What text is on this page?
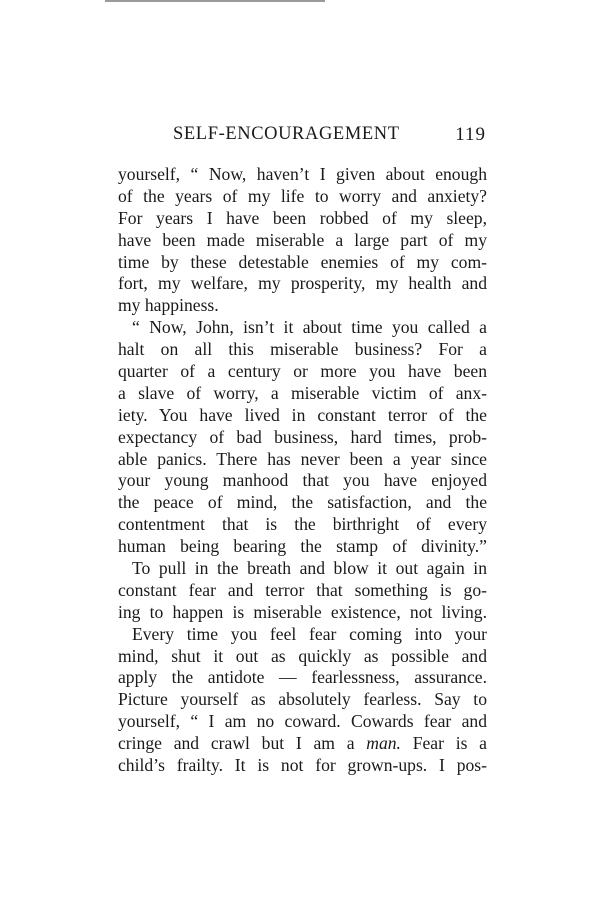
SELF-ENCOURAGEMENT	119
yourself, “ Now, haven’t I given about enough
of the years of my life to worry and anxiety?
For years I have been robbed of my sleep,
have been made miserable a large part of my
time by these detestable enemies of my com-
fort, my welfare, my prosperity, my health and
my happiness.
“ Now, John, isn’t it about time you called a
halt on all this miserable business? For a
quarter of a century or more you have been
a slave of worry, a miserable victim of anx-
iety. You have lived in constant terror of the
expectancy of bad business, hard times, prob-
able panics. There has never been a year since
your young manhood that you have enjoyed
the peace of mind, the satisfaction, and the
contentment that is the birthright of every
human being bearing the stamp of divinity.”
To pull in the breath and blow it out again in
constant fear and terror that something is go-
ing to happen is miserable existence, not living.
Every time you feel fear coming into your
mind, shut it out as quickly as possible and
apply the antidote — fearlessness, assurance.
Picture yourself as absolutely fearless. Say to
yourself, “ I am no coward. Cowards fear and
cringe and crawl but I am a man. Fear is a
child’s frailty. It is not for grown-ups. I pos-
